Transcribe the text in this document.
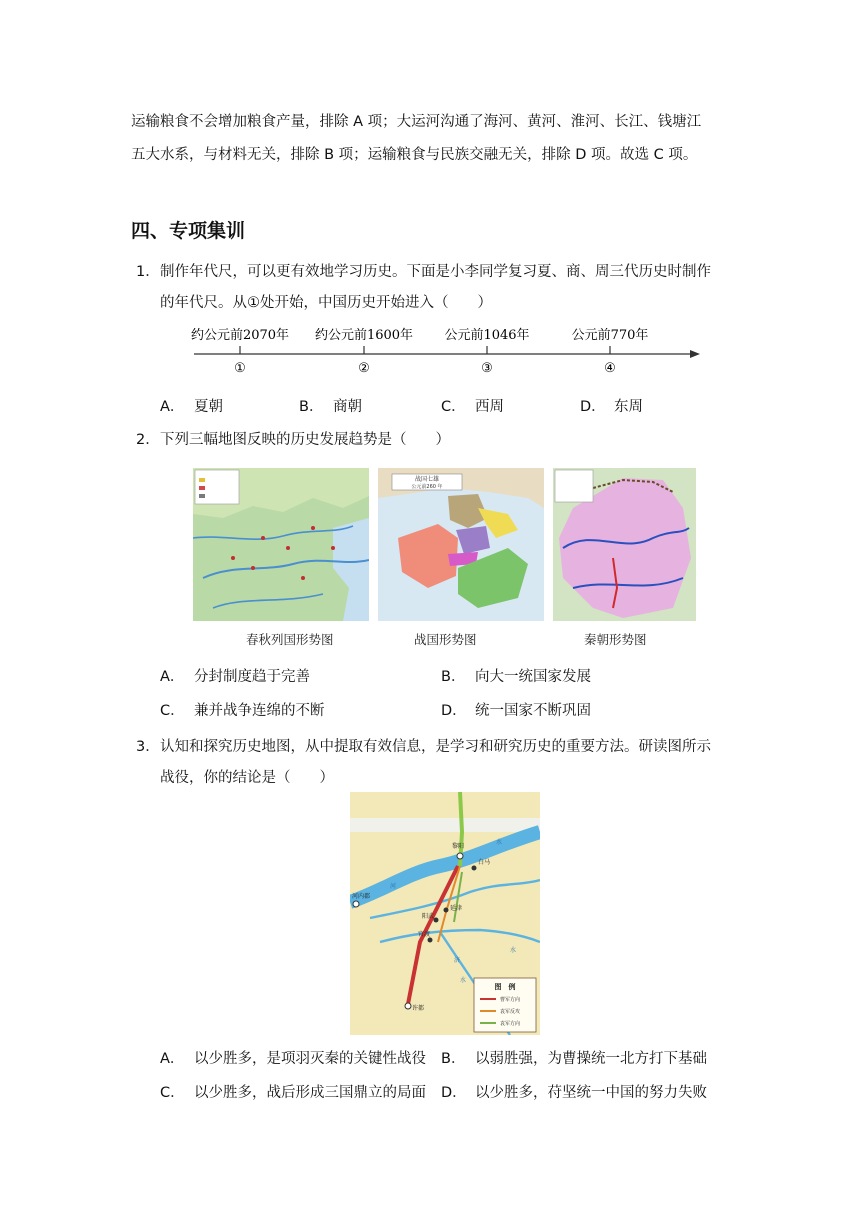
运输粮食不会增加粮食产量，排除 A 项；大运河沟通了海河、黄河、淮河、长江、钱塘江
五大水系，与材料无关，排除 B 项；运输粮食与民族交融无关，排除 D 项。故选 C 项。
四、专项集训
1． 制作年代尺，可以更有效地学习历史。下面是小李同学复习夏、商、周三代历史时制作
的年代尺。从①处开始，中国历史开始进入（　　）
约公元前2070年 约公元前1600年 公元前1046年	公元前770年
①	②	③	④
A． 夏朝	B． 商朝	C． 西周	D． 东周
2． 下列三幅地图反映的历史发展趋势是（　　）
战国七雄
公元前260 年
春秋列国形势图	战国形势图	秦朝形势图
A． 分封制度趋于完善	B． 向大一统国家发展
C． 兼并战争连绵的不断	D． 统一国家不断巩固
3． 认知和探究历史地图，从中提取有效信息，是学习和研究历史的重要方法。研读图所示
战役，你的结论是（　　）
黎阳
白马
河内郡
延津
阳武
官渡
许都
水
河
济
水
水
图　例
曹军方向
袁军反攻
袁军方向
A． 以少胜多，是项羽灭秦的关键性战役 B． 以弱胜强，为曹操统一北方打下基础
C． 以少胜多，战后形成三国鼎立的局面 D． 以少胜多，苻坚统一中国的努力失败
